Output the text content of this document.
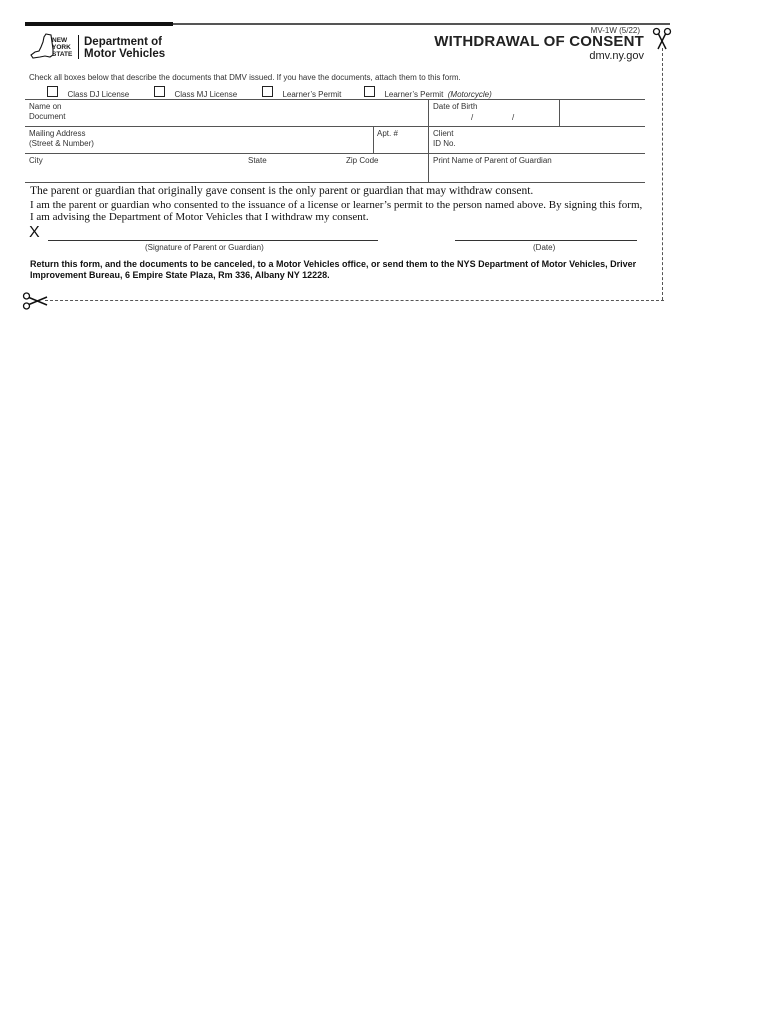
NEW YORK STATE
Department of
Motor Vehicles
MV-1W (5/22)
WITHDRAWAL OF CONSENT
dmv.ny.gov
Check all boxes below that describe the documents that DMV issued. If you have the documents, attach them to this form.
Class DJ License	Class MJ License	Learner’s Permit	Learner’s Permit (Motorcycle)
Name on
Document
Date of Birth
/	/
Mailing Address
(Street & Number)
Apt. #	Client
ID No.
City	State	Zip Code	Print Name of Parent of Guardian
The parent or guardian that originally gave consent is the only parent or guardian that may withdraw consent.
I am the parent or guardian who consented to the issuance of a license or learner’s permit to the person named above. By signing this form, I am advising the Department of Motor Vehicles that I withdraw my consent.
X
(Signature of Parent or Guardian)	(Date)
Return this form, and the documents to be canceled, to a Motor Vehicles office, or send them to the NYS Department of Motor Vehicles, Driver Improvement Bureau, 6 Empire State Plaza, Rm 336, Albany NY 12228.
